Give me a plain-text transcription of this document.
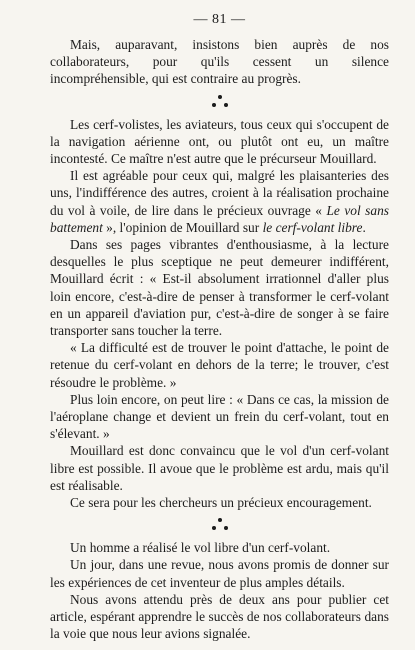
— 81 —

Mais, auparavant, insistons bien auprès de nos collaborateurs, pour qu'ils cessent un silence incompréhensible, qui est contraire au progrès.

Les cerf-volistes, les aviateurs, tous ceux qui s'occupent de la navigation aérienne ont, ou plutôt ont eu, un maître incontesté. Ce maître n'est autre que le précurseur Mouillard.

Il est agréable pour ceux qui, malgré les plaisanteries des uns, l'indifférence des autres, croient à la réalisation prochaine du vol à voile, de lire dans le précieux ouvrage « Le vol sans battement », l'opinion de Mouillard sur le cerf-volant libre.

Dans ses pages vibrantes d'enthousiasme, à la lecture desquelles le plus sceptique ne peut demeurer indifférent, Mouillard écrit : « Est-il absolument irrationnel d'aller plus loin encore, c'est-à-dire de penser à transformer le cerf-volant en un appareil d'aviation pur, c'est-à-dire de songer à se faire transporter sans toucher la terre.

« La difficulté est de trouver le point d'attache, le point de retenue du cerf-volant en dehors de la terre; le trouver, c'est résoudre le problème. »

Plus loin encore, on peut lire : « Dans ce cas, la mission de l'aéroplane change et devient un frein du cerf-volant, tout en s'élevant. »

Mouillard est donc convaincu que le vol d'un cerf-volant libre est possible. Il avoue que le problème est ardu, mais qu'il est réalisable.

Ce sera pour les chercheurs un précieux encouragement.

Un homme a réalisé le vol libre d'un cerf-volant.

Un jour, dans une revue, nous avons promis de donner sur les expériences de cet inventeur de plus amples détails.

Nous avons attendu près de deux ans pour publier cet article, espérant apprendre le succès de nos collaborateurs dans la voie que nous leur avions signalée.
